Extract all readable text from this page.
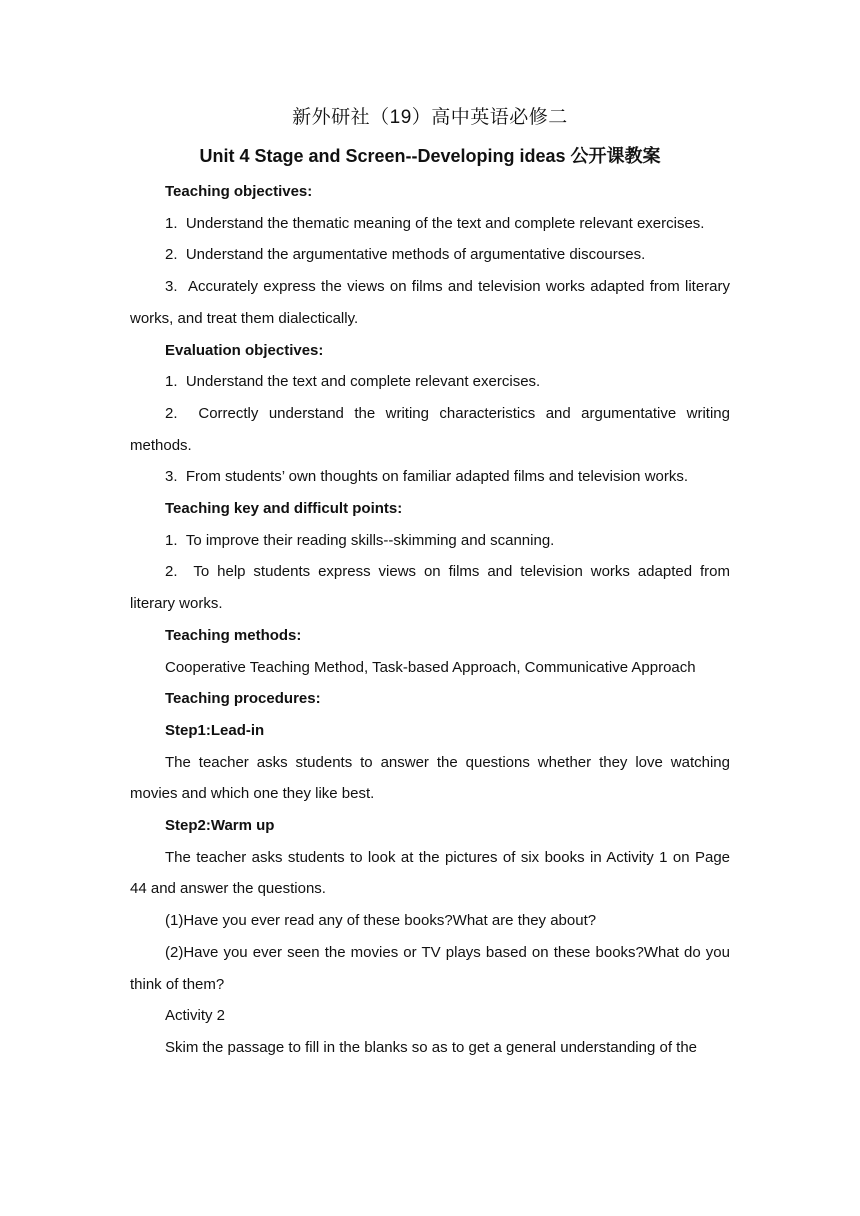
新外研社（19）高中英语必修二
Unit 4 Stage and Screen--Developing ideas 公开课教案

Teaching objectives:

1.  Understand the thematic meaning of the text and complete relevant exercises.

2.  Understand the argumentative methods of argumentative discourses.

3.  Accurately express the views on films and television works adapted from literary works, and treat them dialectically.

Evaluation objectives:

1.  Understand the text and complete relevant exercises.

2.  Correctly understand the writing characteristics and argumentative writing methods.

3.  From students’ own thoughts on familiar adapted films and television works.

Teaching key and difficult points:

1.  To improve their reading skills--skimming and scanning.

2.  To help students express views on films and television works adapted from literary works.

Teaching methods:

Cooperative Teaching Method, Task-based Approach, Communicative Approach

Teaching procedures:

Step1:Lead-in

The teacher asks students to answer the questions whether they love watching movies and which one they like best.

Step2:Warm up

The teacher asks students to look at the pictures of six books in Activity 1 on Page 44 and answer the questions.

(1)Have you ever read any of these books?What are they about?

(2)Have you ever seen the movies or TV plays based on these books?What do you think of them?

Activity 2

Skim the passage to fill in the blanks so as to get a general understanding of the
